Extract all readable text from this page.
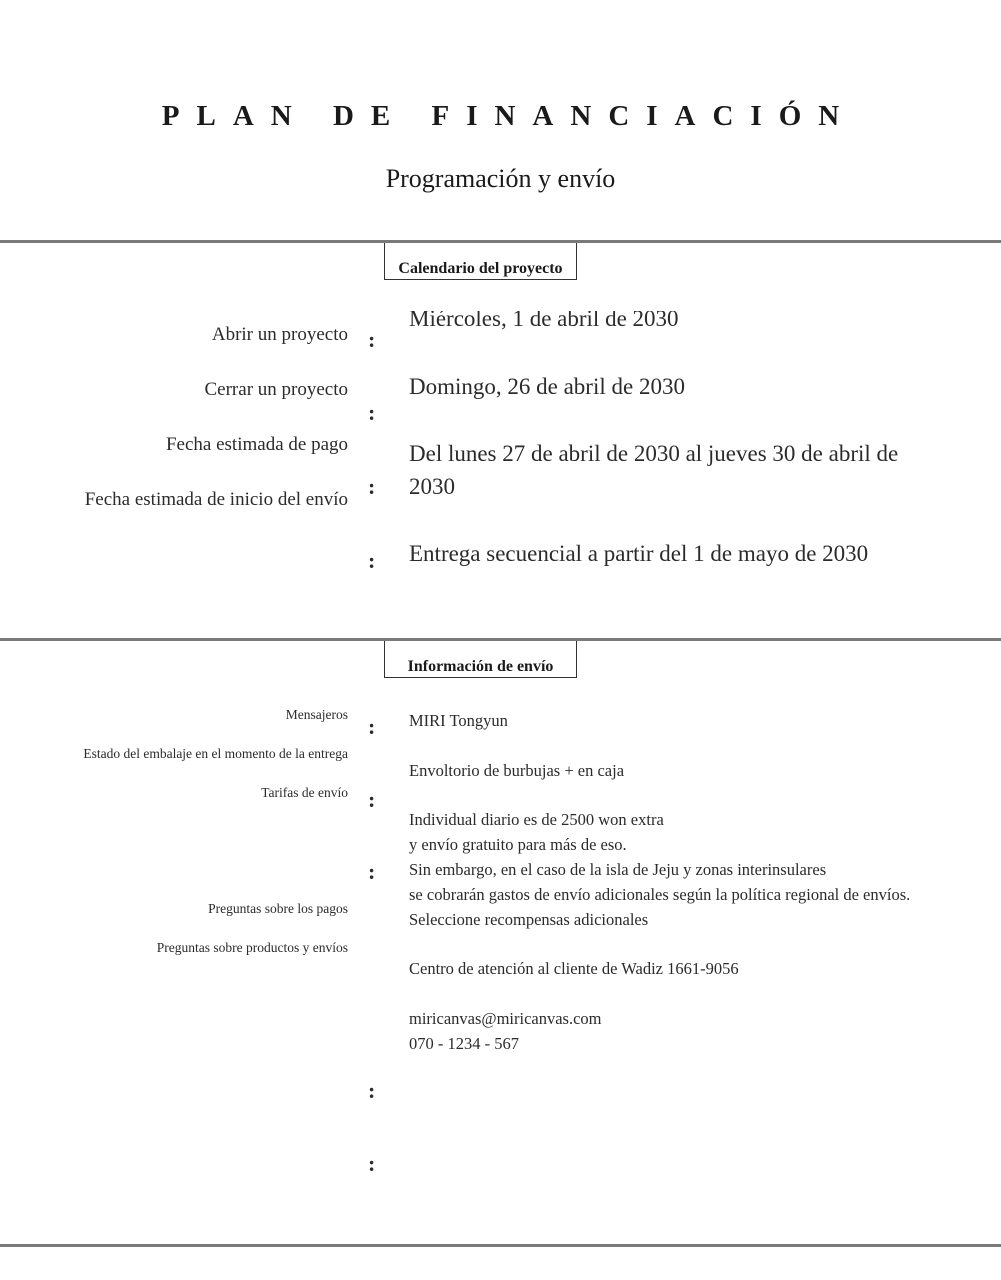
PLAN DE FINANCIACIÓN
Programación y envío
Calendario del proyecto
Abrir un proyecto
Cerrar un proyecto
Fecha estimada de pago
Fecha estimada de inicio del envío
:
:
:
:
Miércoles, 1 de abril de 2030
Domingo, 26 de abril de 2030
Del lunes 27 de abril de 2030 al jueves 30 de abril de 2030
Entrega secuencial a partir del 1 de mayo de 2030
Información de envío
Mensajeros
Estado del embalaje en el momento de la entrega
Tarifas de envío
Preguntas sobre los pagos
Preguntas sobre productos y envíos
:
:
:
:
:
MIRI Tongyun
Envoltorio de burbujas + en caja
Individual diario es de 2500 won extra
y envío gratuito para más de eso.
Sin embargo, en el caso de la isla de Jeju y zonas interinsulares
se cobrarán gastos de envío adicionales según la política regional de envíos.
Seleccione recompensas adicionales
Centro de atención al cliente de Wadiz 1661-9056
miricanvas@miricanvas.com
070 - 1234 - 567
